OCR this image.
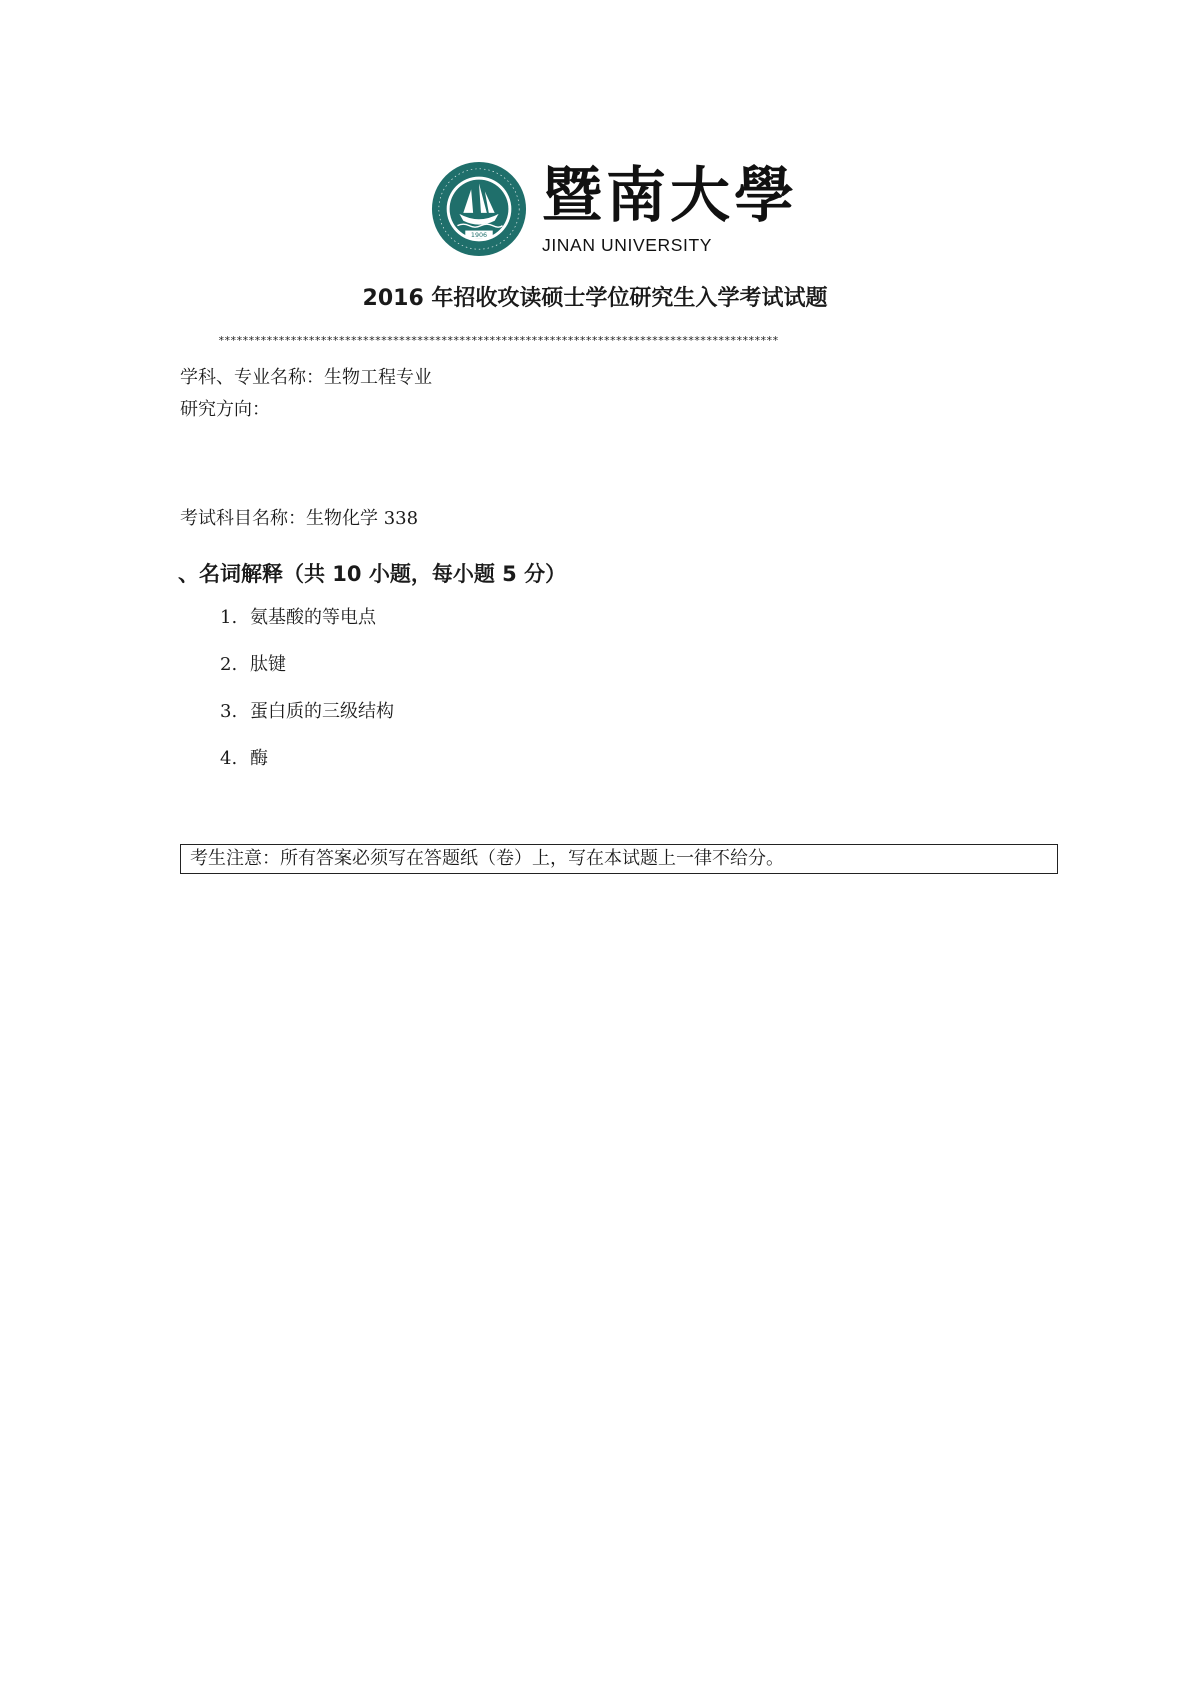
1906
暨南大學
JINAN UNIVERSITY
2016 年招收攻读硕士学位研究生入学考试试题
*********************************************************************************************
学科、专业名称：生物工程专业
研究方向：
考试科目名称：生物化学 338
、名词解释（共 10 小题，每小题 5 分）
1. 氨基酸的等电点
2. 肽键
3. 蛋白质的三级结构
4. 酶
考生注意：所有答案必须写在答题纸（卷）上，写在本试题上一律不给分。
